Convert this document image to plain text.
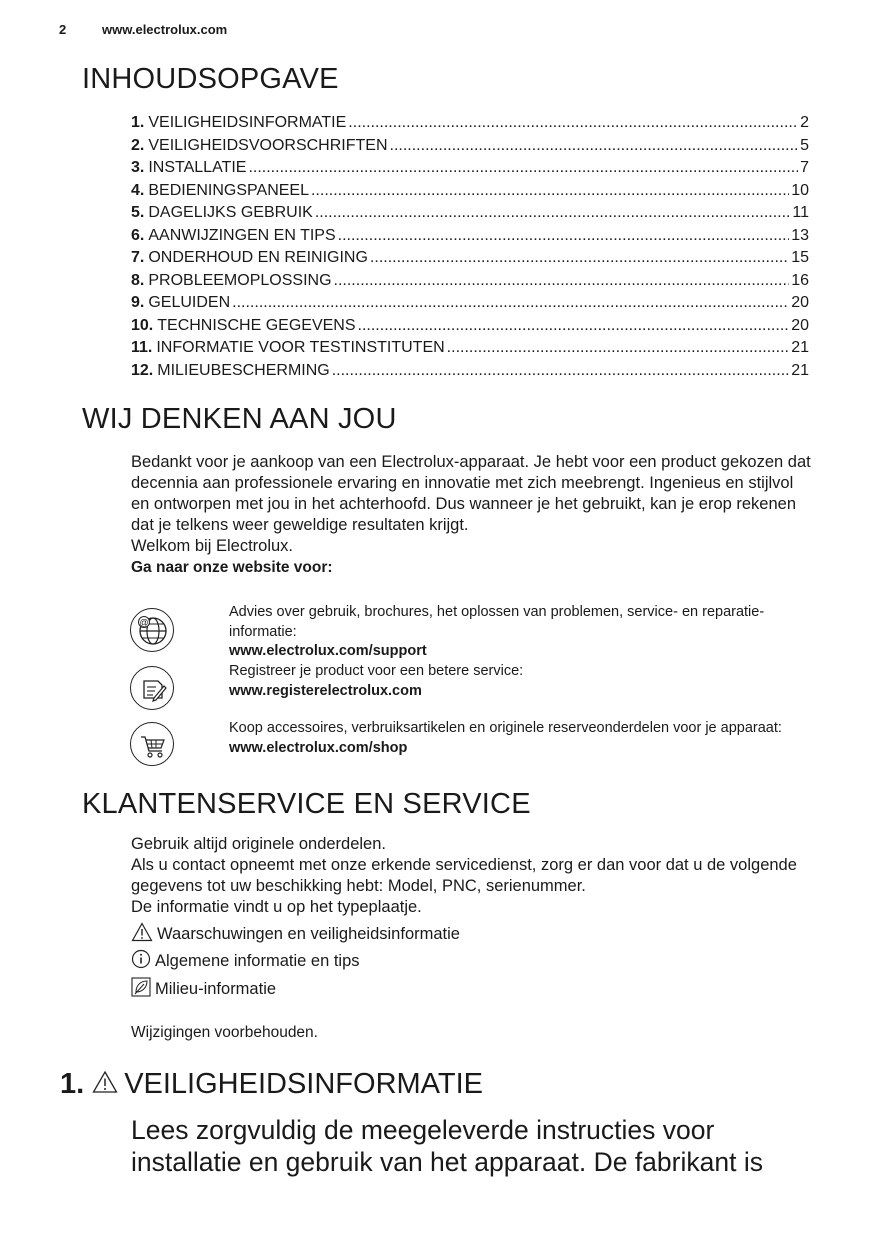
2	www.electrolux.com
INHOUDSOPGAVE
1. VEILIGHEIDSINFORMATIE .....	2
2. VEILIGHEIDSVOORSCHRIFTEN .....	5
3. INSTALLATIE .....	7
4. BEDIENINGSPANEEL .....	10
5. DAGELIJKS GEBRUIK .....	11
6. AANWIJZINGEN EN TIPS .....	13
7. ONDERHOUD EN REINIGING .....	15
8. PROBLEEMOPLOSSING .....	16
9. GELUIDEN .....	20
10. TECHNISCHE GEGEVENS .....	20
11. INFORMATIE VOOR TESTINSTITUTEN .....	21
12. MILIEUBESCHERMING .....	21
WIJ DENKEN AAN JOU

Bedankt voor je aankoop van een Electrolux-apparaat. Je hebt voor een product gekozen dat decennia aan professionele ervaring en innovatie met zich meebrengt. Ingenieus en stijlvol en ontworpen met jou in het achterhoofd. Dus wanneer je het gebruikt, kan je erop rekenen dat je telkens weer geweldige resultaten krijgt.

Welkom bij Electrolux.

Ga naar onze website voor:

@

Advies over gebruik, brochures, het oplossen van problemen, service- en reparatie-informatie:

www.electrolux.com/support

Registreer je product voor een betere service:

www.registerelectrolux.com

Koop accessoires, verbruiksartikelen en originele reserveonderdelen voor je apparaat:

www.electrolux.com/shop

KLANTENSERVICE EN SERVICE

Gebruik altijd originele onderdelen.

Als u contact opneemt met onze erkende servicedienst, zorg er dan voor dat u de volgende gegevens tot uw beschikking hebt: Model, PNC, serienummer.

De informatie vindt u op het typeplaatje.

Waarschuwingen en veiligheidsinformatie
Algemene informatie en tips
Milieu-informatie
Wijzigingen voorbehouden.
1. VEILIGHEIDSINFORMATIE
Lees zorgvuldig de meegeleverde instructies voor installatie en gebruik van het apparaat. De fabrikant is
